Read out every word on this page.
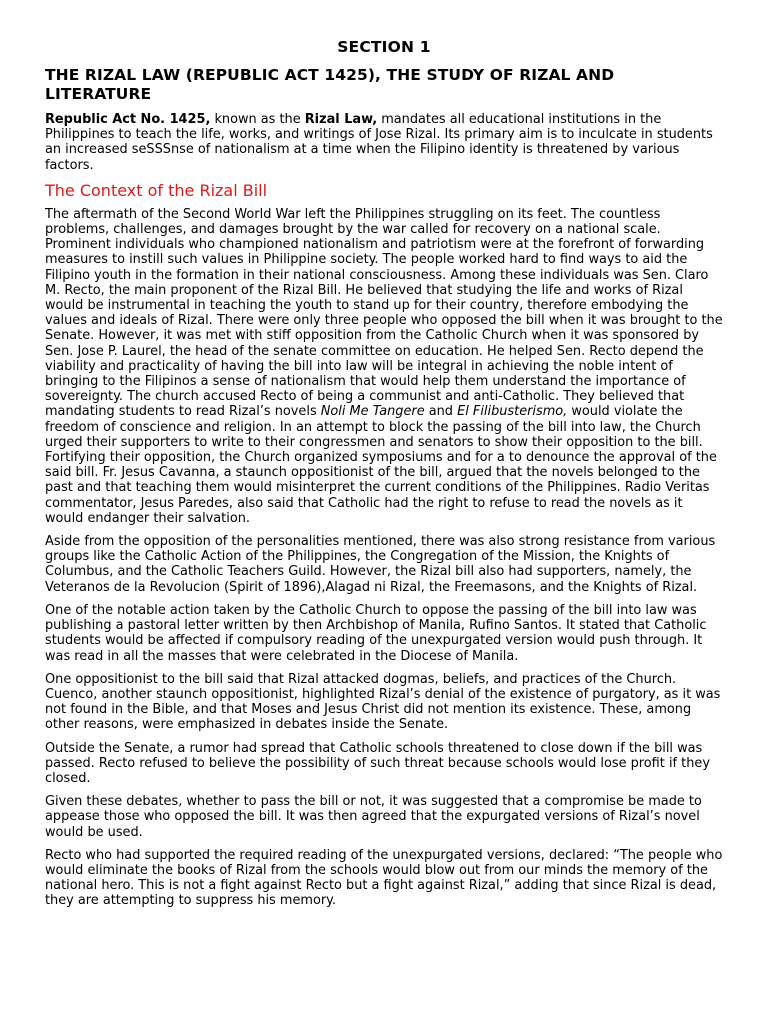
SECTION 1
THE RIZAL LAW (REPUBLIC ACT 1425), THE STUDY OF RIZAL AND LITERATURE

Republic Act No. 1425, known as the Rizal Law, mandates all educational institutions in the Philippines to teach the life, works, and writings of Jose Rizal. Its primary aim is to inculcate in students an increased seSSSnse of nationalism at a time when the Filipino identity is threatened by various factors.

The Context of the Rizal Bill

The aftermath of the Second World War left the Philippines struggling on its feet. The countless problems, challenges, and damages brought by the war called for recovery on a national scale. Prominent individuals who championed nationalism and patriotism were at the forefront of forwarding measures to instill such values in Philippine society. The people worked hard to find ways to aid the Filipino youth in the formation in their national consciousness. Among these individuals was Sen. Claro M. Recto, the main proponent of the Rizal Bill. He believed that studying the life and works of Rizal would be instrumental in teaching the youth to stand up for their country, therefore embodying the values and ideals of Rizal. There were only three people who opposed the bill when it was brought to the Senate. However, it was met with stiff opposition from the Catholic Church when it was sponsored by Sen. Jose P. Laurel, the head of the senate committee on education. He helped Sen. Recto depend the viability and practicality of having the bill into law will be integral in achieving the noble intent of bringing to the Filipinos a sense of nationalism that would help them understand the importance of sovereignty. The church accused Recto of being a communist and anti-Catholic. They believed that mandating students to read Rizal’s novels Noli Me Tangere and El Filibusterismo, would violate the freedom of conscience and religion. In an attempt to block the passing of the bill into law, the Church urged their supporters to write to their congressmen and senators to show their opposition to the bill. Fortifying their opposition, the Church organized symposiums and for a to denounce the approval of the said bill. Fr. Jesus Cavanna, a staunch oppositionist of the bill, argued that the novels belonged to the past and that teaching them would misinterpret the current conditions of the Philippines. Radio Veritas commentator, Jesus Paredes, also said that Catholic had the right to refuse to read the novels as it would endanger their salvation.

Aside from the opposition of the personalities mentioned, there was also strong resistance from various groups like the Catholic Action of the Philippines, the Congregation of the Mission, the Knights of Columbus, and the Catholic Teachers Guild. However, the Rizal bill also had supporters, namely, the Veteranos de la Revolucion (Spirit of 1896),Alagad ni Rizal, the Freemasons, and the Knights of Rizal.

One of the notable action taken by the Catholic Church to oppose the passing of the bill into law was publishing a pastoral letter written by then Archbishop of Manila, Rufino Santos. It stated that Catholic students would be affected if compulsory reading of the unexpurgated version would push through. It was read in all the masses that were celebrated in the Diocese of Manila.

One oppositionist to the bill said that Rizal attacked dogmas, beliefs, and practices of the Church. Cuenco, another staunch oppositionist, highlighted Rizal’s denial of the existence of purgatory, as it was not found in the Bible, and that Moses and Jesus Christ did not mention its existence. These, among other reasons, were emphasized in debates inside the Senate.

Outside the Senate, a rumor had spread that Catholic schools threatened to close down if the bill was passed. Recto refused to believe the possibility of such threat because schools would lose profit if they closed.

Given these debates, whether to pass the bill or not, it was suggested that a compromise be made to appease those who opposed the bill. It was then agreed that the expurgated versions of Rizal’s novel would be used.

Recto who had supported the required reading of the unexpurgated versions, declared: “The people who would eliminate the books of Rizal from the schools would blow out from our minds the memory of the national hero. This is not a fight against Recto but a fight against Rizal,” adding that since Rizal is dead, they are attempting to suppress his memory.
